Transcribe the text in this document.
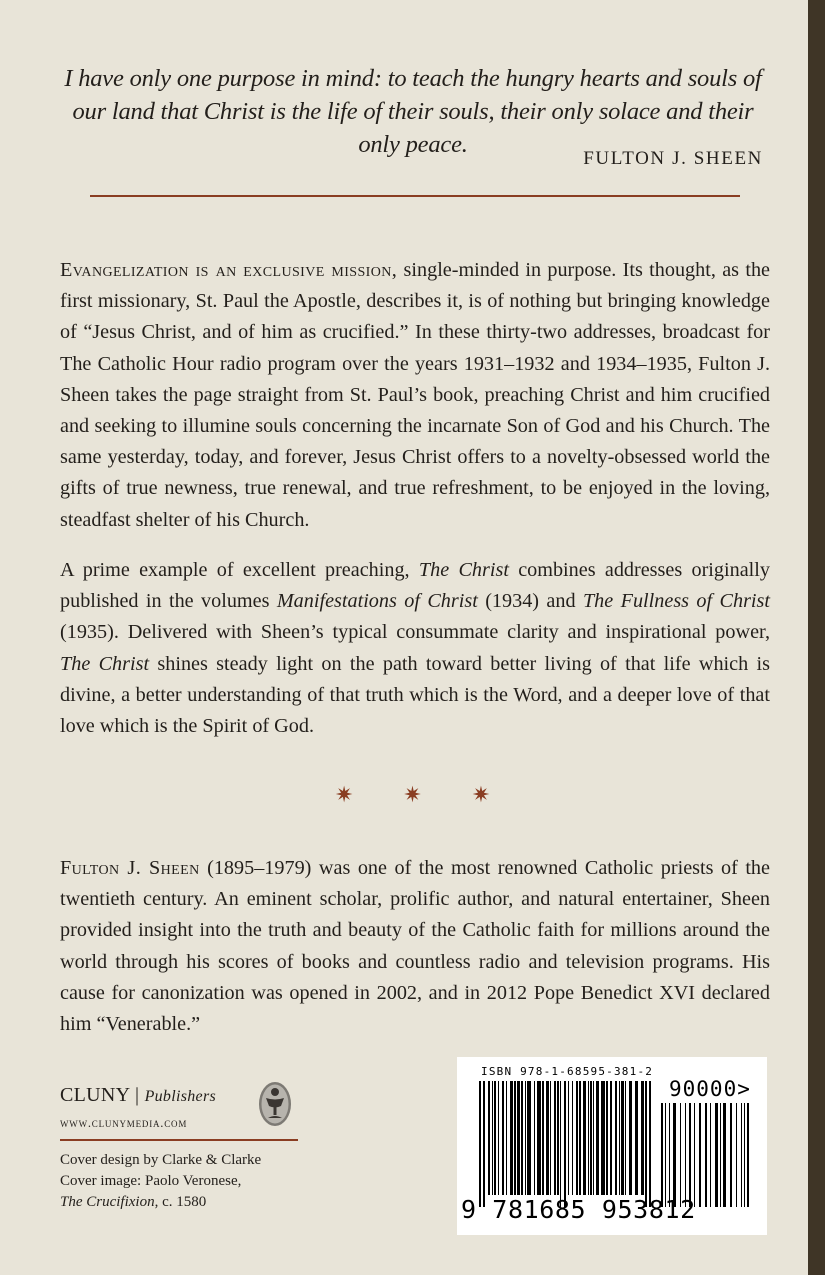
I have only one purpose in mind: to teach the hungry hearts and souls of our land that Christ is the life of their souls, their only solace and their only peace.
FULTON J. SHEEN
Evangelization is an exclusive mission, single-minded in purpose. Its thought, as the first missionary, St. Paul the Apostle, describes it, is of nothing but bringing knowledge of “Jesus Christ, and of him as crucified.” In these thirty-two addresses, broadcast for The Catholic Hour radio program over the years 1931–1932 and 1934–1935, Fulton J. Sheen takes the page straight from St. Paul’s book, preaching Christ and him crucified and seeking to illumine souls concerning the incarnate Son of God and his Church. The same yesterday, today, and forever, Jesus Christ offers to a novelty-obsessed world the gifts of true newness, true renewal, and true refreshment, to be enjoyed in the loving, steadfast shelter of his Church.
A prime example of excellent preaching, The Christ combines addresses originally published in the volumes Manifestations of Christ (1934) and The Fullness of Christ (1935). Delivered with Sheen’s typical consummate clarity and inspirational power, The Christ shines steady light on the path toward better living of that life which is divine, a better understanding of that truth which is the Word, and a deeper love of that love which is the Spirit of God.
✷ ✷ ✷
Fulton J. Sheen (1895–1979) was one of the most renowned Catholic priests of the twentieth century. An eminent scholar, prolific author, and natural entertainer, Sheen provided insight into the truth and beauty of the Catholic faith for millions around the world through his scores of books and countless radio and television programs. His cause for canonization was opened in 2002, and in 2012 Pope Benedict XVI declared him “Venerable.”
CLUNY | Publishers
www.clunymedia.com
Cover design by Clarke & Clarke
Cover image: Paolo Veronese,
The Crucifixion, c. 1580
ISBN 978-1-68595-381-2
90000>
9 781685 953812
